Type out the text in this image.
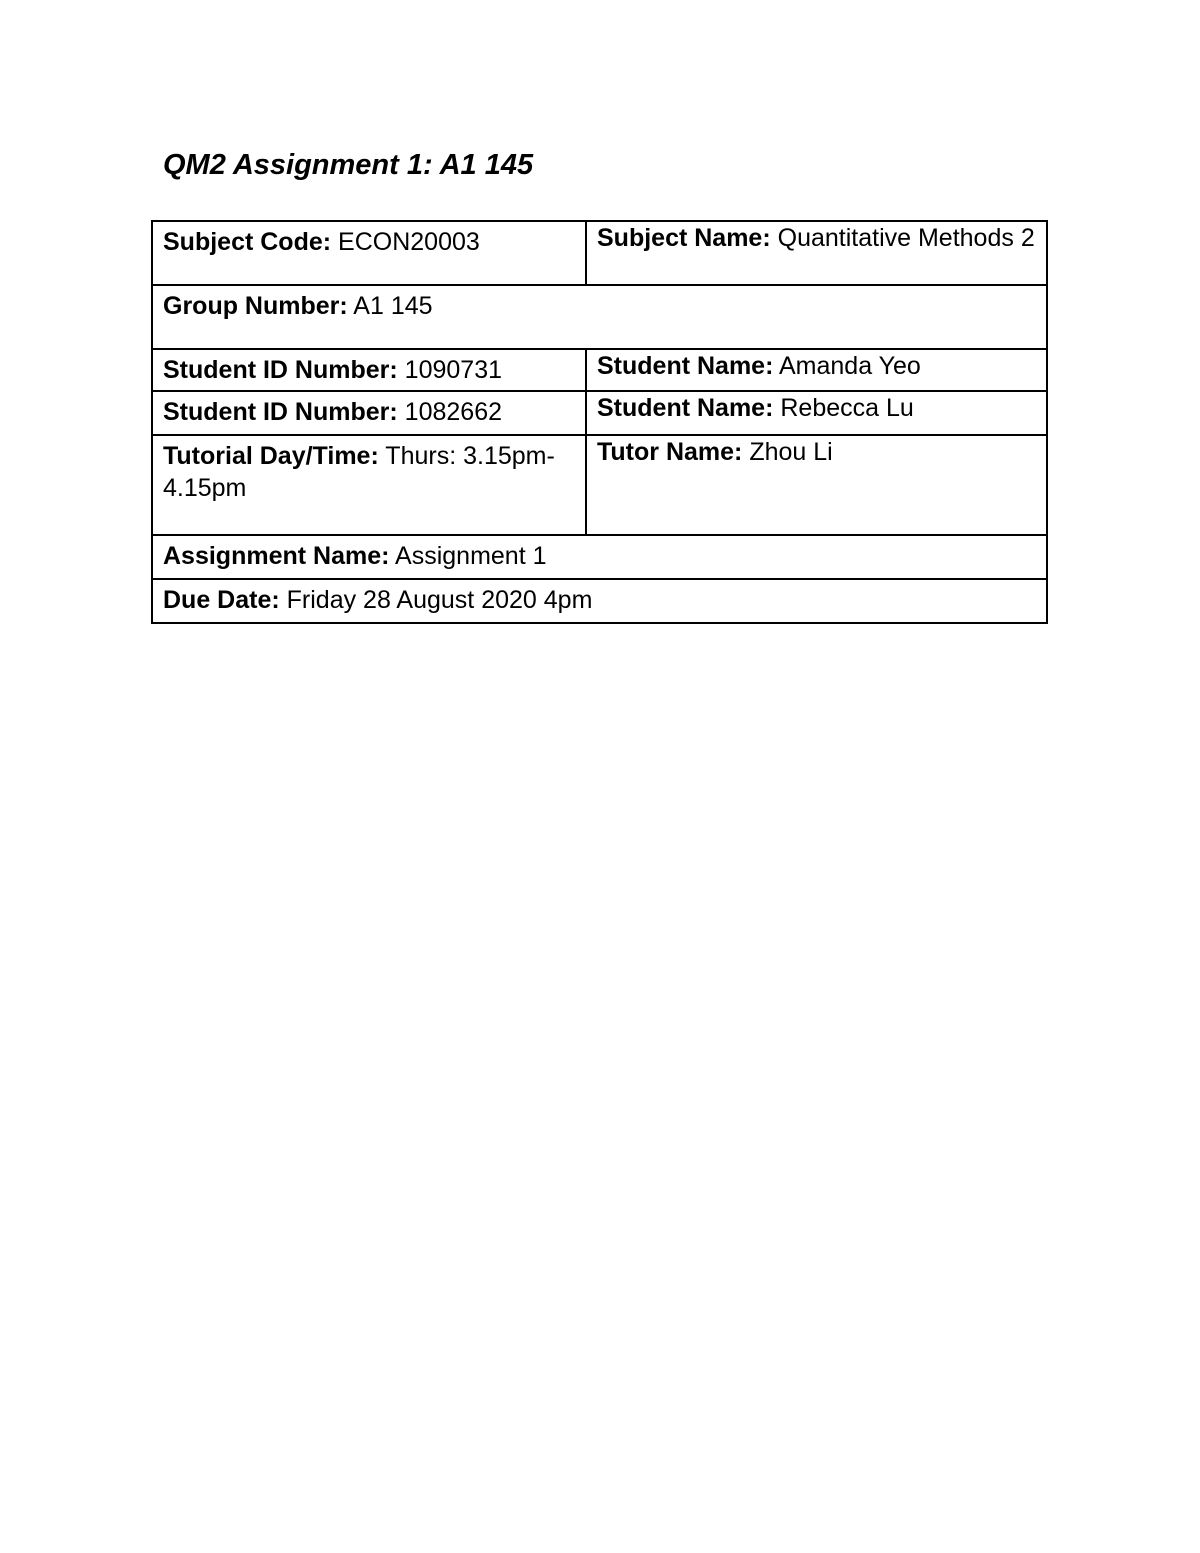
QM2 Assignment 1: A1 145
Subject Code: ECON20003	Subject Name: Quantitative Methods 2
Group Number: A1 145	
Student ID Number: 1090731	Student Name: Amanda Yeo
Student ID Number: 1082662	Student Name: Rebecca Lu
Tutorial Day/Time: Thurs: 3.15pm-4.15pm	Tutor Name: Zhou Li
Assignment Name: Assignment 1	
Due Date: Friday 28 August 2020 4pm	
